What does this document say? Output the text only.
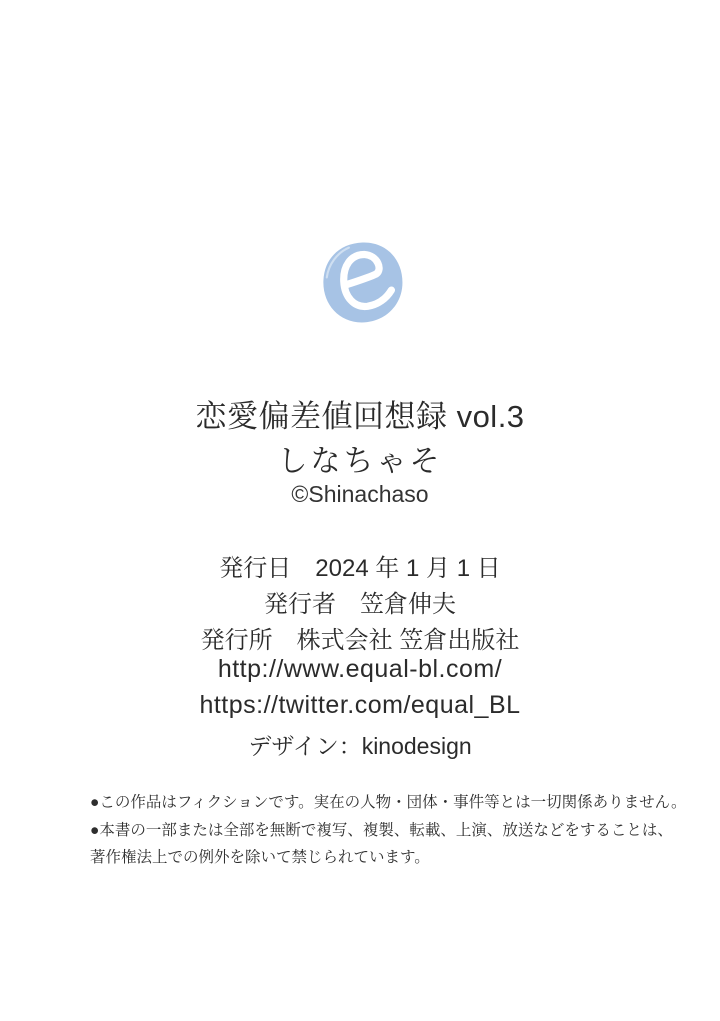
恋愛偏差値回想録 vol.3
しなちゃそ
©Shinachaso
発行日　2024 年 1 月 1 日
発行者　笠倉伸夫
発行所　株式会社 笠倉出版社
http://www.equal-bl.com/
https://twitter.com/equal_BL
デザイン：kinodesign
●この作品はフィクションです。実在の人物・団体・事件等とは一切関係ありません。
●本書の一部または全部を無断で複写、複製、転載、上演、放送などをすることは、
著作権法上での例外を除いて禁じられています。
